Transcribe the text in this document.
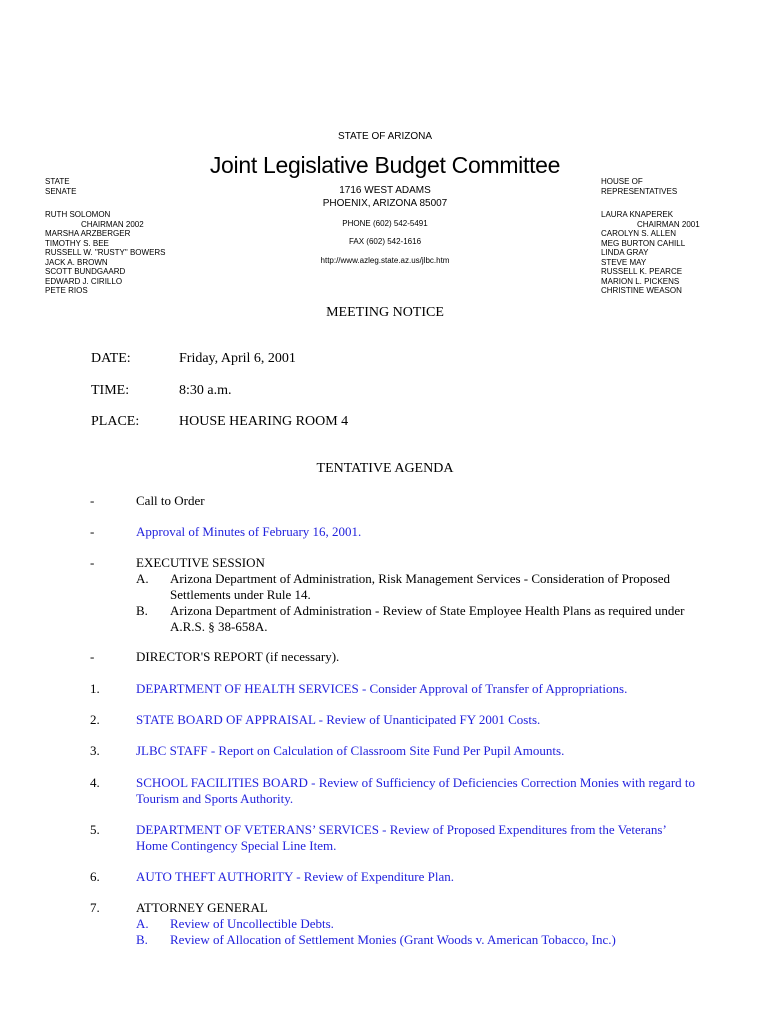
STATE OF ARIZONA
Joint Legislative Budget Committee
1716 WEST ADAMS
PHOENIX, ARIZONA 85007
PHONE (602) 542-5491
FAX (602) 542-1616
http://www.azleg.state.az.us/jlbc.htm
STATE
SENATE
RUTH SOLOMON
CHAIRMAN 2002
MARSHA ARZBERGER
TIMOTHY S. BEE
RUSSELL W. "RUSTY" BOWERS
JACK A. BROWN
SCOTT BUNDGAARD
EDWARD J. CIRILLO
PETE RIOS
HOUSE OF
REPRESENTATIVES
LAURA KNAPEREK
CHAIRMAN 2001
CAROLYN S. ALLEN
MEG BURTON CAHILL
LINDA GRAY
STEVE MAY
RUSSELL K. PEARCE
MARION L. PICKENS
CHRISTINE WEASON
MEETING NOTICE
DATE:	Friday, April 6, 2001
TIME:	8:30 a.m.
PLACE:	HOUSE HEARING ROOM 4
TENTATIVE AGENDA
-	Call to Order
-	Approval of Minutes of February 16, 2001.
-	EXECUTIVE SESSION
A. Arizona Department of Administration, Risk Management Services - Consideration of Proposed Settlements under Rule 14.
B. Arizona Department of Administration - Review of State Employee Health Plans as required under A.R.S. § 38-658A.
-	DIRECTOR'S REPORT (if necessary).
1.	DEPARTMENT OF HEALTH SERVICES - Consider Approval of Transfer of Appropriations.
2.	STATE BOARD OF APPRAISAL - Review of Unanticipated FY 2001 Costs.
3.	JLBC STAFF - Report on Calculation of Classroom Site Fund Per Pupil Amounts.
4.	SCHOOL FACILITIES BOARD - Review of Sufficiency of Deficiencies Correction Monies with regard to Tourism and Sports Authority.
5.	DEPARTMENT OF VETERANS’ SERVICES - Review of Proposed Expenditures from the Veterans’ Home Contingency Special Line Item.
6.	AUTO THEFT AUTHORITY - Review of Expenditure Plan.
7.	ATTORNEY GENERAL
A. Review of Uncollectible Debts.
B. Review of Allocation of Settlement Monies (Grant Woods v. American Tobacco, Inc.)
